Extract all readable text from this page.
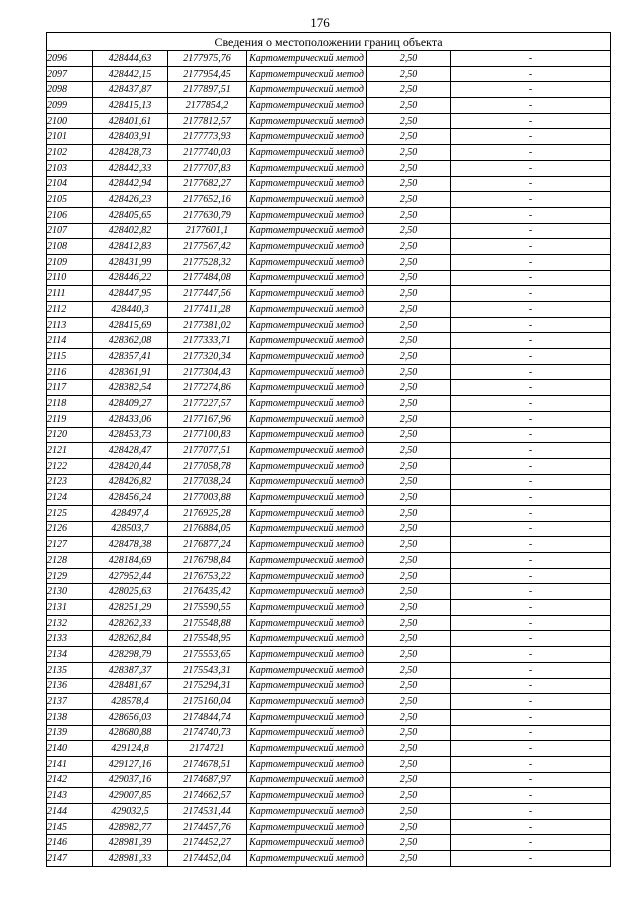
176
Сведения о местоположении границ объекта					
2096	428444,63	2177975,76	Картометрический метод	2,50	-
2097	428442,15	2177954,45	Картометрический метод	2,50	-
2098	428437,87	2177897,51	Картометрический метод	2,50	-
2099	428415,13	2177854,2	Картометрический метод	2,50	-
2100	428401,61	2177812,57	Картометрический метод	2,50	-
2101	428403,91	2177773,93	Картометрический метод	2,50	-
2102	428428,73	2177740,03	Картометрический метод	2,50	-
2103	428442,33	2177707,83	Картометрический метод	2,50	-
2104	428442,94	2177682,27	Картометрический метод	2,50	-
2105	428426,23	2177652,16	Картометрический метод	2,50	-
2106	428405,65	2177630,79	Картометрический метод	2,50	-
2107	428402,82	2177601,1	Картометрический метод	2,50	-
2108	428412,83	2177567,42	Картометрический метод	2,50	-
2109	428431,99	2177528,32	Картометрический метод	2,50	-
2110	428446,22	2177484,08	Картометрический метод	2,50	-
2111	428447,95	2177447,56	Картометрический метод	2,50	-
2112	428440,3	2177411,28	Картометрический метод	2,50	-
2113	428415,69	2177381,02	Картометрический метод	2,50	-
2114	428362,08	2177333,71	Картометрический метод	2,50	-
2115	428357,41	2177320,34	Картометрический метод	2,50	-
2116	428361,91	2177304,43	Картометрический метод	2,50	-
2117	428382,54	2177274,86	Картометрический метод	2,50	-
2118	428409,27	2177227,57	Картометрический метод	2,50	-
2119	428433,06	2177167,96	Картометрический метод	2,50	-
2120	428453,73	2177100,83	Картометрический метод	2,50	-
2121	428428,47	2177077,51	Картометрический метод	2,50	-
2122	428420,44	2177058,78	Картометрический метод	2,50	-
2123	428426,82	2177038,24	Картометрический метод	2,50	-
2124	428456,24	2177003,88	Картометрический метод	2,50	-
2125	428497,4	2176925,28	Картометрический метод	2,50	-
2126	428503,7	2176884,05	Картометрический метод	2,50	-
2127	428478,38	2176877,24	Картометрический метод	2,50	-
2128	428184,69	2176798,84	Картометрический метод	2,50	-
2129	427952,44	2176753,22	Картометрический метод	2,50	-
2130	428025,63	2176435,42	Картометрический метод	2,50	-
2131	428251,29	2175590,55	Картометрический метод	2,50	-
2132	428262,33	2175548,88	Картометрический метод	2,50	-
2133	428262,84	2175548,95	Картометрический метод	2,50	-
2134	428298,79	2175553,65	Картометрический метод	2,50	-
2135	428387,37	2175543,31	Картометрический метод	2,50	-
2136	428481,67	2175294,31	Картометрический метод	2,50	-
2137	428578,4	2175160,04	Картометрический метод	2,50	-
2138	428656,03	2174844,74	Картометрический метод	2,50	-
2139	428680,88	2174740,73	Картометрический метод	2,50	-
2140	429124,8	2174721	Картометрический метод	2,50	-
2141	429127,16	2174678,51	Картометрический метод	2,50	-
2142	429037,16	2174687,97	Картометрический метод	2,50	-
2143	429007,85	2174662,57	Картометрический метод	2,50	-
2144	429032,5	2174531,44	Картометрический метод	2,50	-
2145	428982,77	2174457,76	Картометрический метод	2,50	-
2146	428981,39	2174452,27	Картометрический метод	2,50	-
2147	428981,33	2174452,04	Картометрический метод	2,50	-
